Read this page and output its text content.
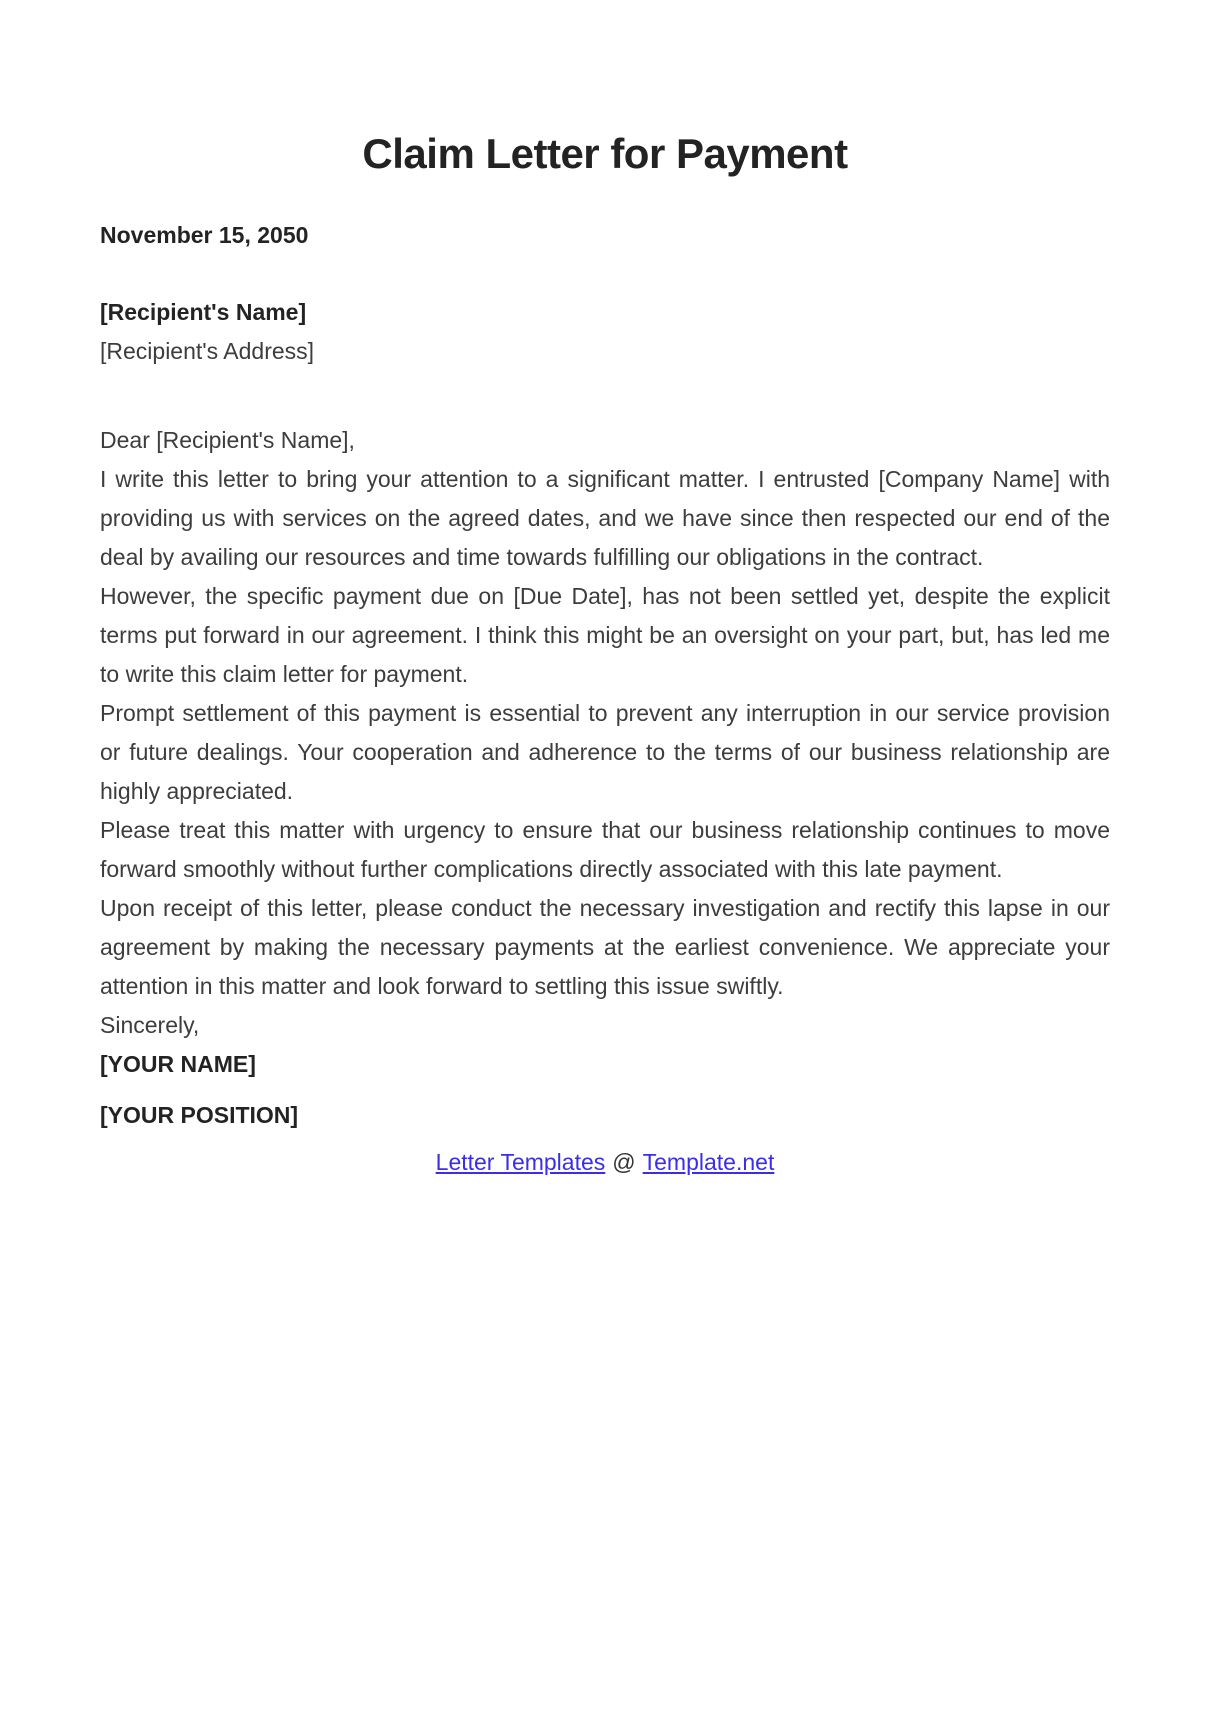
Claim Letter for Payment
November 15, 2050
[Recipient's Name]
[Recipient's Address]

Dear [Recipient's Name],

I write this letter to bring your attention to a significant matter. I entrusted [Company Name] with providing us with services on the agreed dates, and we have since then respected our end of the deal by availing our resources and time towards fulfilling our obligations in the contract.

However, the specific payment due on [Due Date], has not been settled yet, despite the explicit terms put forward in our agreement. I think this might be an oversight on your part, but, has led me to write this claim letter for payment.

Prompt settlement of this payment is essential to prevent any interruption in our service provision or future dealings. Your cooperation and adherence to the terms of our business relationship are highly appreciated.

Please treat this matter with urgency to ensure that our business relationship continues to move forward smoothly without further complications directly associated with this late payment.

Upon receipt of this letter, please conduct the necessary investigation and rectify this lapse in our agreement by making the necessary payments at the earliest convenience. We appreciate your attention in this matter and look forward to settling this issue swiftly.

Sincerely,

[YOUR NAME]

[YOUR POSITION]
Letter Templates @ Template.net
